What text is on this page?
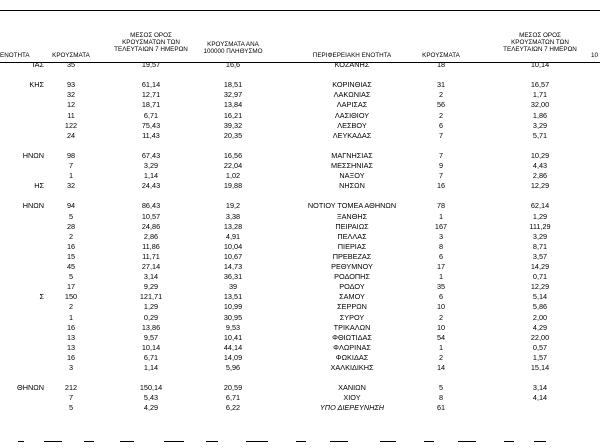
ΕΝΟΤΗΤΑ	ΚΡΟΥΣΜΑΤΑ
ΜΕΣΟΣ ΟΡΟΣ
ΚΡΟΥΣΜΑΤΩΝ ΤΩΝ
ΤΕΛΕΥΤΑΙΩΝ 7 ΗΜΕΡΩΝ
ΚΡΟΥΣΜΑΤΑ ΑΝΑ
100000 ΠΛΗΘΥΣΜΟ
ΠΕΡΙΦΕΡΕΙΑΚΗ ΕΝΟΤΗΤΑ	ΚΡΟΥΣΜΑΤΑ
ΜΕΣΟΣ ΟΡΟΣ
ΚΡΟΥΣΜΑΤΩΝ ΤΩΝ
ΤΕΛΕΥΤΑΙΩΝ 7 ΗΜΕΡΩΝ
10
ΙΑΣ	35	19,57	16,6	ΚΟΖΑΝΗΣ	18	10,14
ΚΗΣ	93	61,14	18,51	ΚΟΡΙΝΘΙΑΣ	31	16,57
32	12,71	32,97	ΛΑΚΩΝΙΑΣ	2	1,71
12	18,71	13,84	ΛΑΡΙΣΑΣ	56	32,00
11	6,71	16,21	ΛΑΣΙΘΙΟΥ	2	1,86
122	75,43	39,32	ΛΕΣΒΟΥ	6	3,29
24	11,43	20,35	ΛΕΥΚΑΔΑΣ	7	5,71
ΗΝΩΝ	98	67,43	16,56	ΜΑΓΝΗΣΙΑΣ	7	10,29
7	3,29	22,04	ΜΕΣΣΗΝΙΑΣ	9	4,43
1	1,14	1,02	ΝΑΞΟΥ	7	2,86
ΗΣ	32	24,43	19,88	ΝΗΣΩΝ	16	12,29
ΗΝΩΝ	94	86,43	19,2	ΝΟΤΙΟΥ ΤΟΜΕΑ ΑΘΗΝΩΝ	78	62,14
5	10,57	3,38	ΞΑΝΘΗΣ	1	1,29
28	24,86	13,28	ΠΕΙΡΑΙΩΣ	167	111,29
2	2,86	4,91	ΠΕΛΛΑΣ	3	3,29
16	11,86	10,04	ΠΙΕΡΙΑΣ	8	8,71
15	11,71	10,67	ΠΡΕΒΕΖΑΣ	6	3,57
45	27,14	14,73	ΡΕΘΥΜΝΟΥ	17	14,29
5	3,14	36,31	ΡΟΔΟΠΗΣ	1	0,71
17	9,29	39	ΡΟΔΟΥ	35	12,29
Σ	150	121,71	13,51	ΣΑΜΟΥ	6	5,14
2	1,29	10,99	ΣΕΡΡΩΝ	10	5,86
1	0,29	30,95	ΣΥΡΟΥ	2	2,00
16	13,86	9,53	ΤΡΙΚΑΛΩΝ	10	4,29
13	9,57	10,41	ΦΘΙΩΤΙΔΑΣ	54	22,00
13	10,14	44,14	ΦΛΩΡΙΝΑΣ	1	0,57
16	6,71	14,09	ΦΩΚΙΔΑΣ	2	1,57
3	1,14	5,96	ΧΑΛΚΙΔΙΚΗΣ	14	15,14
ΘΗΝΩΝ	212	150,14	20,59	ΧΑΝΙΩΝ	5	3,14
7	5,43	6,71	ΧΙΟΥ	8	4,14
5	4,29	6,22	ΥΠΟ ΔΙΕΡΕΥΝΗΣΗ	61
